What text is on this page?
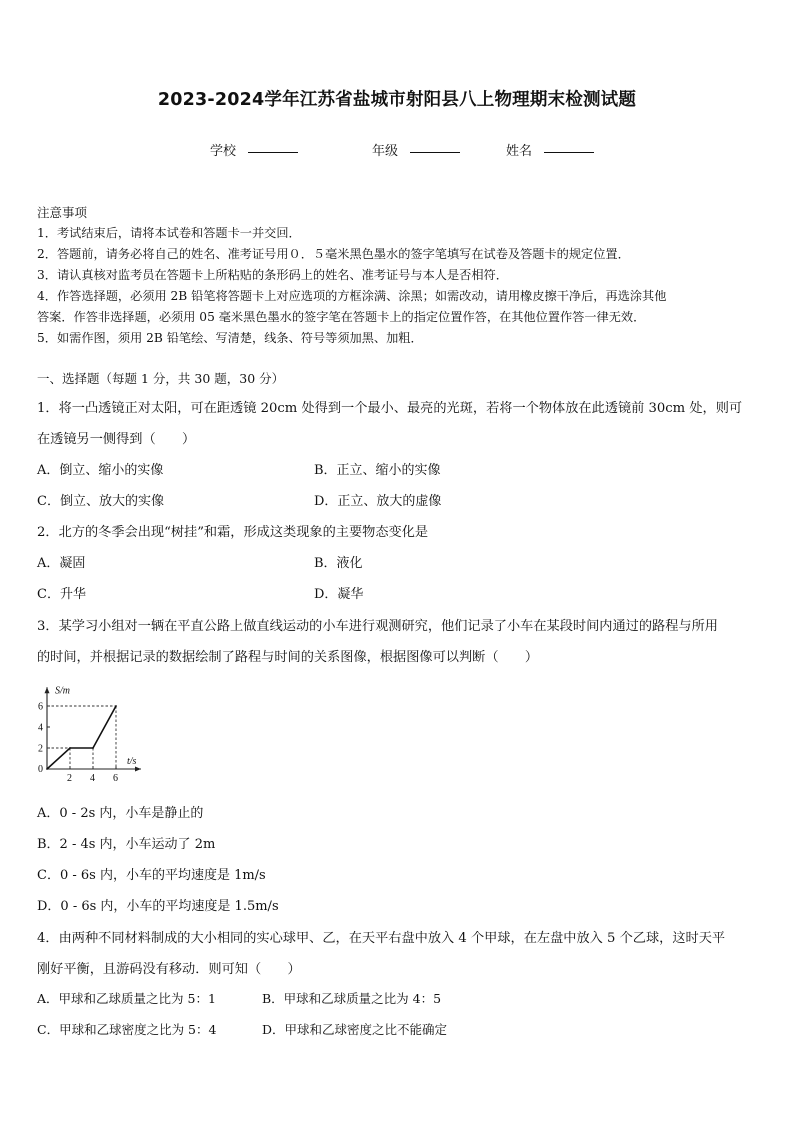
2023-2024学年江苏省盐城市射阳县八上物理期末检测试题
学校	年级	姓名
注意事项
1．考试结束后，请将本试卷和答题卡一并交回．
2．答题前，请务必将自己的姓名、准考证号用０．５毫米黑色墨水的签字笔填写在试卷及答题卡的规定位置．
3．请认真核对监考员在答题卡上所粘贴的条形码上的姓名、准考证号与本人是否相符．
4．作答选择题，必须用 2B 铅笔将答题卡上对应选项的方框涂满、涂黑；如需改动，请用橡皮擦干净后，再选涂其他
答案．作答非选择题，必须用 05 毫米黑色墨水的签字笔在答题卡上的指定位置作答，在其他位置作答一律无效．
5．如需作图，须用 2B 铅笔绘、写清楚，线条、符号等须加黑、加粗．
一、选择题（每题 1 分，共 30 题，30 分）
1．将一凸透镜正对太阳，可在距透镜 20cm 处得到一个最小、最亮的光斑，若将一个物体放在此透镜前 30cm 处，则可
在透镜另一侧得到（　　）
A．倒立、缩小的实像	B．正立、缩小的实像
C．倒立、放大的实像	D．正立、放大的虚像
2．北方的冬季会出现“树挂”和霜，形成这类现象的主要物态变化是
A．凝固	B．液化
C．升华	D．凝华
3．某学习小组对一辆在平直公路上做直线运动的小车进行观测研究，他们记录了小车在某段时间内通过的路程与所用
的时间，并根据记录的数据绘制了路程与时间的关系图像，根据图像可以判断（　　）
0
2 4 6
2
4
6
S/m
t/s
A．0 - 2s 内，小车是静止的
B．2 - 4s 内，小车运动了 2m
C．0 - 6s 内，小车的平均速度是 1m/s
D．0 - 6s 内，小车的平均速度是 1.5m/s
4．由两种不同材料制成的大小相同的实心球甲、乙，在天平右盘中放入 4 个甲球，在左盘中放入 5 个乙球，这时天平
刚好平衡，且游码没有移动．则可知（　　）
A．甲球和乙球质量之比为 5：1	B．甲球和乙球质量之比为 4：5
C．甲球和乙球密度之比为 5：4	D．甲球和乙球密度之比不能确定
